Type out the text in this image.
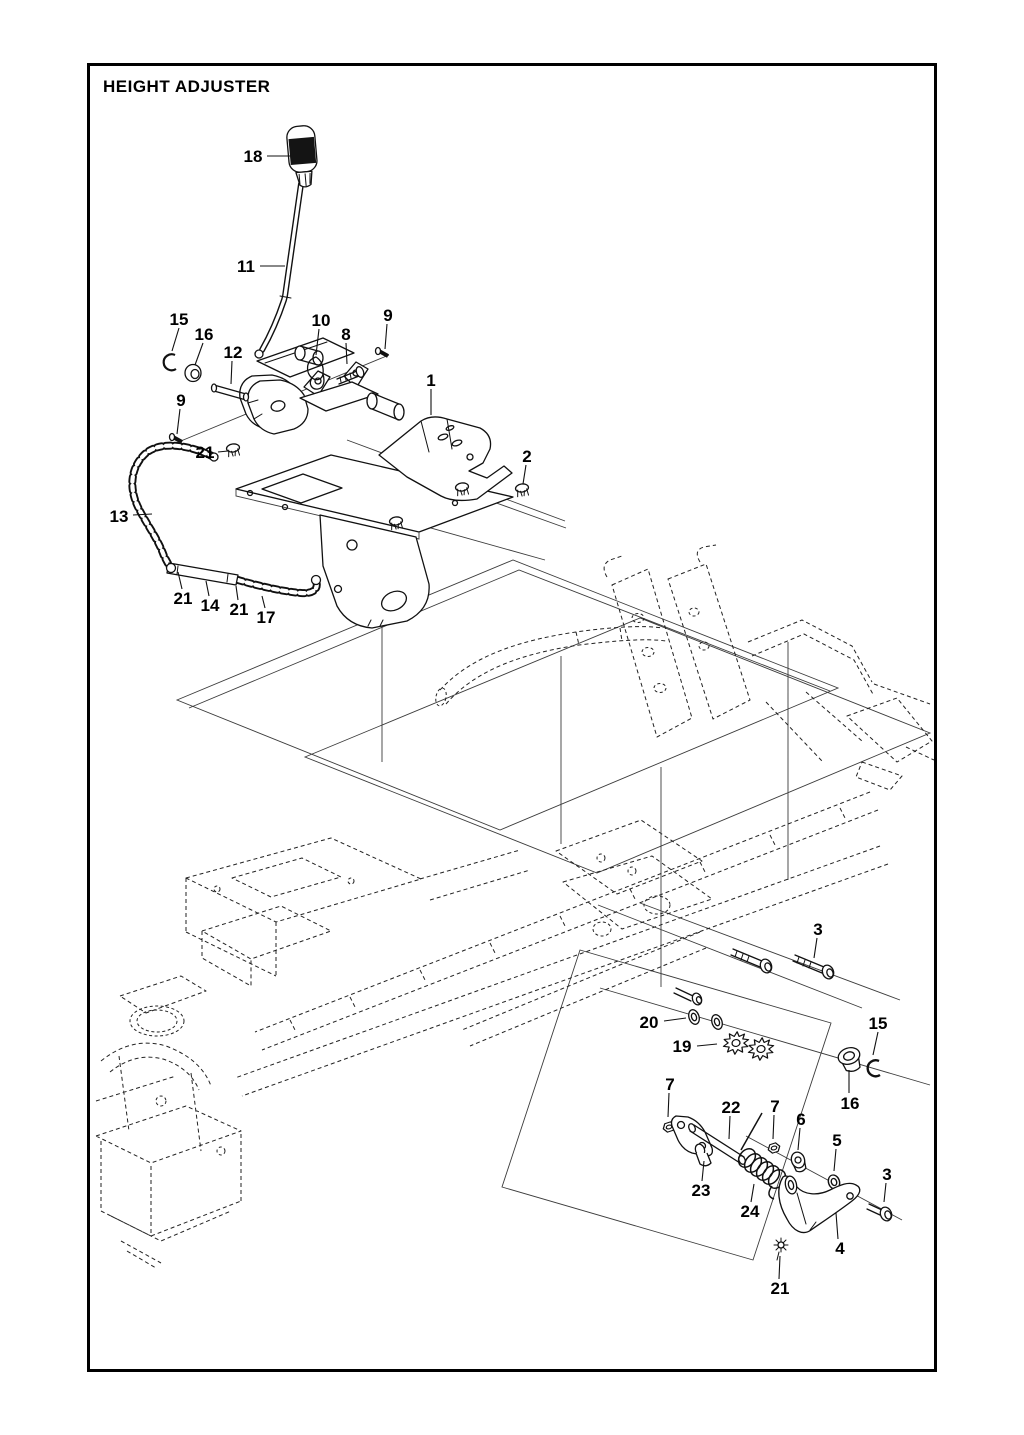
HEIGHT ADJUSTER
18
11
15
16
12
10
8
9
9
21
1
2
13
21 14 21 17
3
20
19
15
16
7
22 7
6
5
3
23
24
4
21
